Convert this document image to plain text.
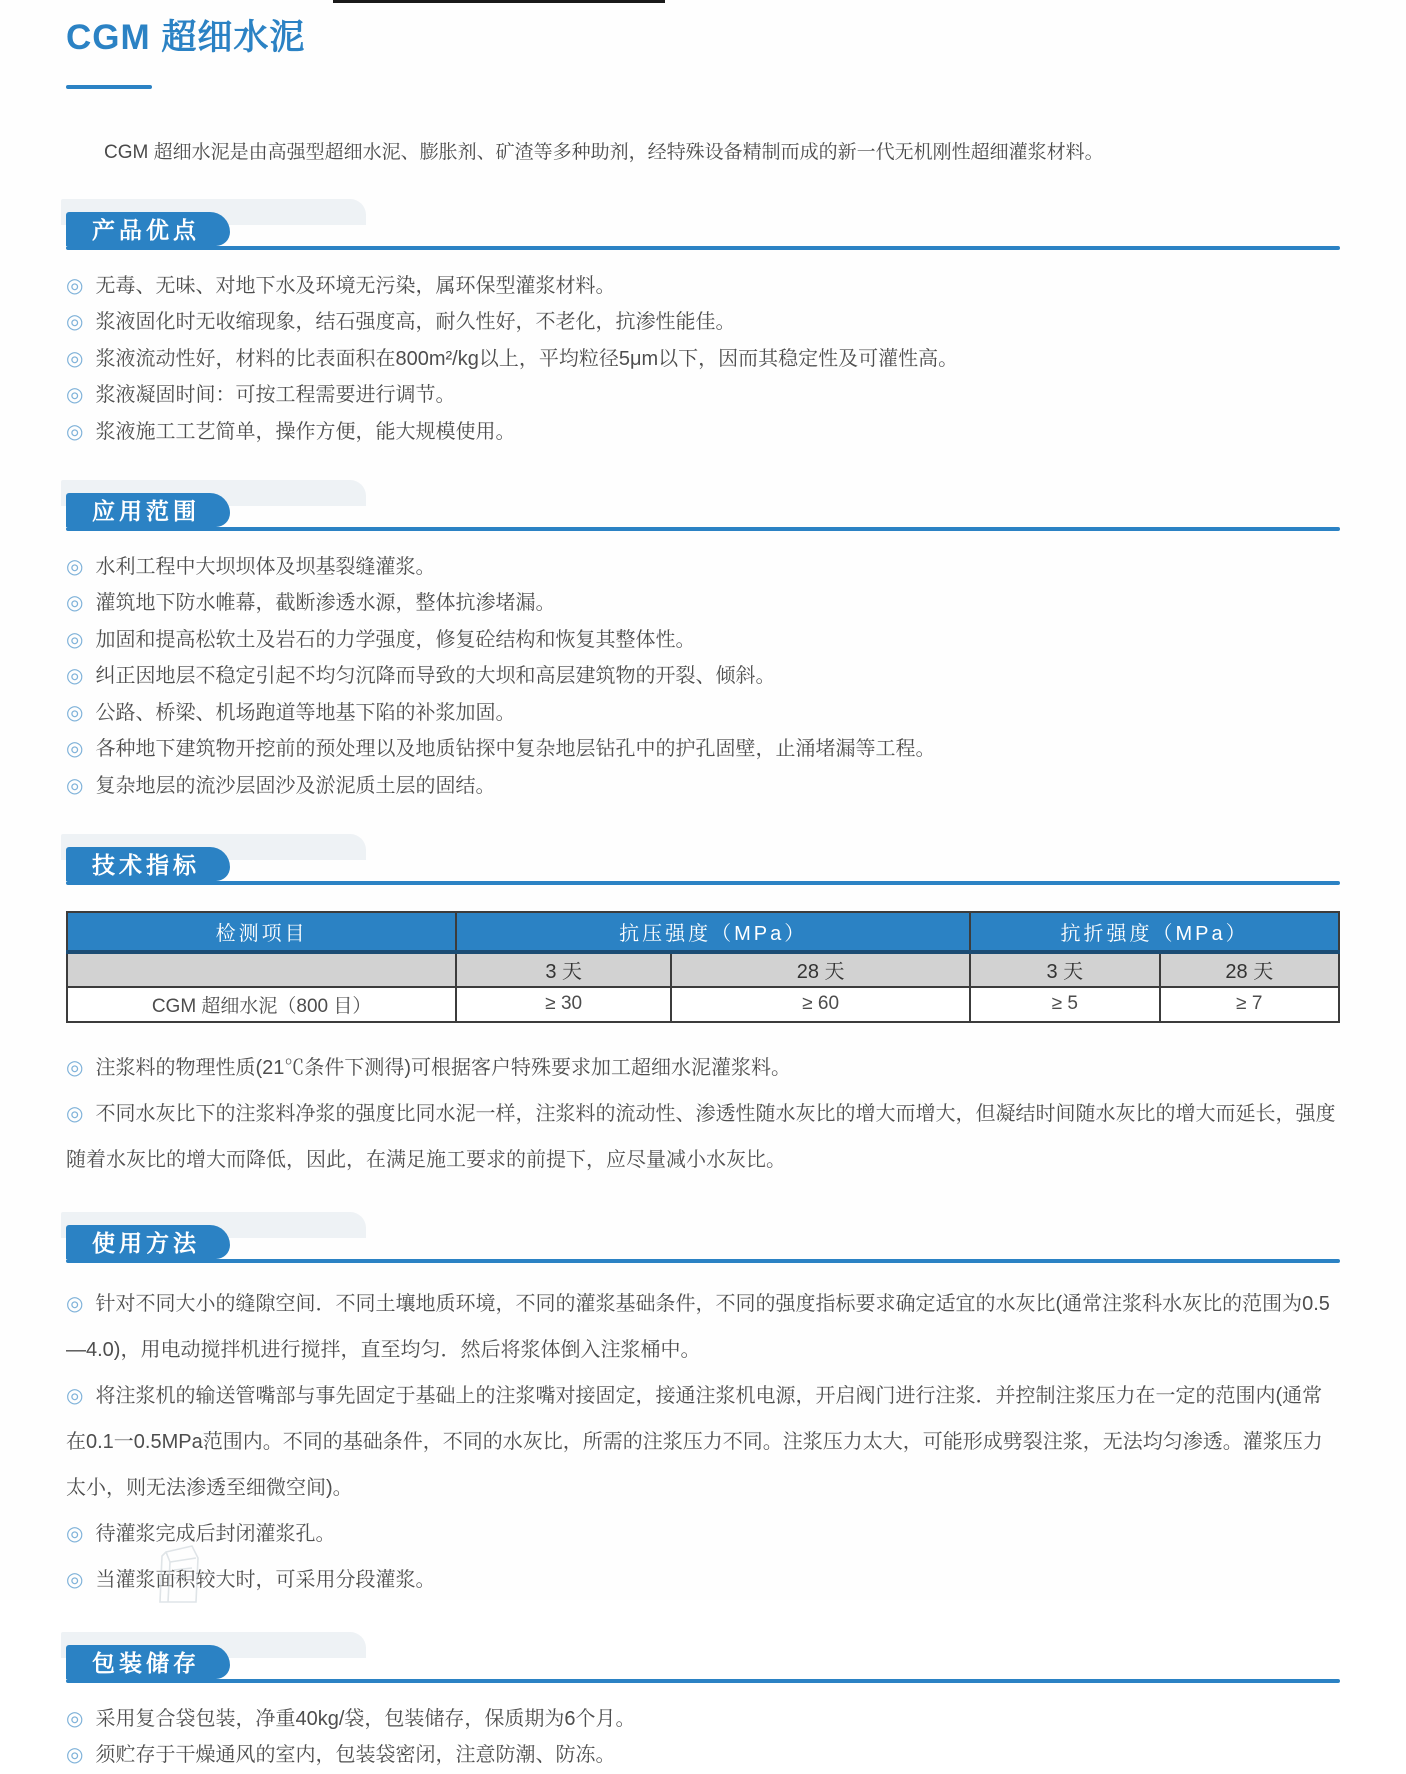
CGM 超细水泥

CGM 超细水泥是由高强型超细水泥、膨胀剂、矿渣等多种助剂，经特殊设备精制而成的新一代无机刚性超细灌浆材料。

产品优点
◎ 无毒、无味、对地下水及环境无污染，属环保型灌浆材料。
◎ 浆液固化时无收缩现象，结石强度高，耐久性好，不老化，抗渗性能佳。
◎ 浆液流动性好，材料的比表面积在800m²/kg以上，平均粒径5μm以下，因而其稳定性及可灌性高。
◎ 浆液凝固时间：可按工程需要进行调节。
◎ 浆液施工工艺简单，操作方便，能大规模使用。
应用范围
◎ 水利工程中大坝坝体及坝基裂缝灌浆。
◎ 灌筑地下防水帷幕，截断渗透水源，整体抗渗堵漏。
◎ 加固和提高松软土及岩石的力学强度，修复砼结构和恢复其整体性。
◎ 纠正因地层不稳定引起不均匀沉降而导致的大坝和高层建筑物的开裂、倾斜。
◎ 公路、桥梁、机场跑道等地基下陷的补浆加固。
◎ 各种地下建筑物开挖前的预处理以及地质钻探中复杂地层钻孔中的护孔固壁，止涌堵漏等工程。
◎ 复杂地层的流沙层固沙及淤泥质土层的固结。
技术指标
检测项目	抗压强度（MPa）		抗折强度（MPa）	
	3 天	28 天	3 天	28 天
CGM 超细水泥（800 目）	≥ 30	≥ 60	≥ 5	≥ 7
◎ 注浆料的物理性质(21℃条件下测得)可根据客户特殊要求加工超细水泥灌浆料。
◎ 不同水灰比下的注浆料净浆的强度比同水泥一样，注浆料的流动性、渗透性随水灰比的增大而增大，但凝结时间随水灰比的增大而延长，强度随着水灰比的增大而降低，因此，在满足施工要求的前提下，应尽量减小水灰比。
使用方法
◎ 针对不同大小的缝隙空间．不同土壤地质环境，不同的灌浆基础条件，不同的强度指标要求确定适宜的水灰比(通常注浆科水灰比的范围为0.5—4.0)，用电动搅拌机进行搅拌，直至均匀．然后将浆体倒入注浆桶中。
◎ 将注浆机的输送管嘴部与事先固定于基础上的注浆嘴对接固定，接通注浆机电源，开启阀门进行注浆．并控制注浆压力在一定的范围内(通常在0.1一0.5MPa范围内。不同的基础条件，不同的水灰比，所需的注浆压力不同。注浆压力太大，可能形成劈裂注浆，无法均匀渗透。灌浆压力太小，则无法渗透至细微空间)。
◎ 待灌浆完成后封闭灌浆孔。
◎ 当灌浆面积较大时，可采用分段灌浆。
包装储存
◎ 采用复合袋包装，净重40kg/袋，包装储存，保质期为6个月。
◎ 须贮存于干燥通风的室内，包装袋密闭，注意防潮、防冻。
